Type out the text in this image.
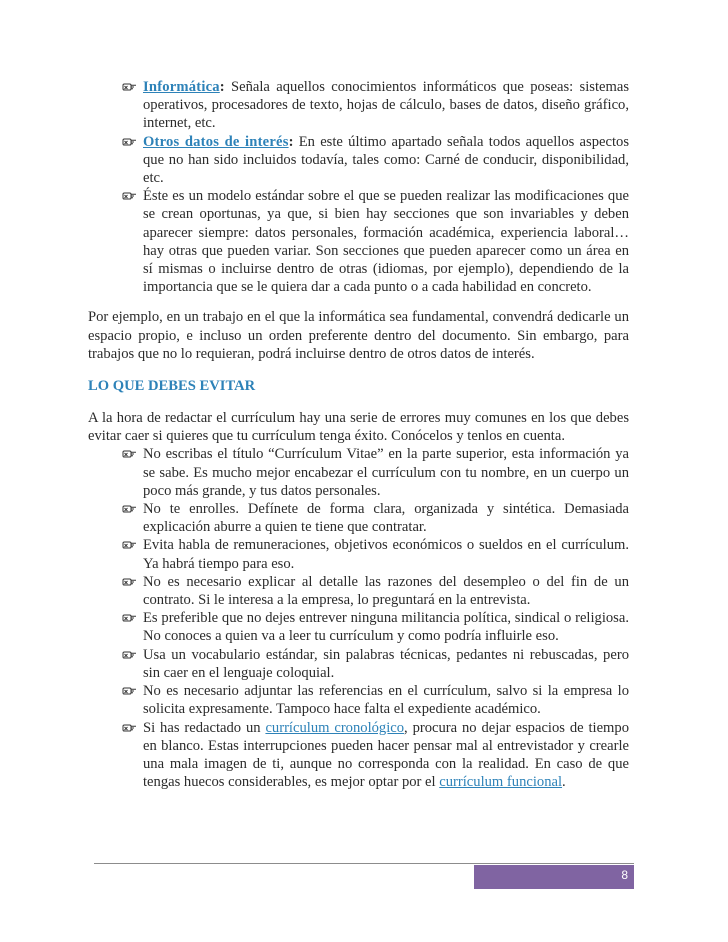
Informática: Señala aquellos conocimientos informáticos que poseas: sistemas operativos, procesadores de texto, hojas de cálculo, bases de datos, diseño gráfico, internet, etc.
Otros datos de interés: En este último apartado señala todos aquellos aspectos que no han sido incluidos todavía, tales como: Carné de conducir, disponibilidad, etc.
Éste es un modelo estándar sobre el que se pueden realizar las modificaciones que se crean oportunas, ya que, si bien hay secciones que son invariables y deben aparecer siempre: datos personales, formación académica, experiencia laboral… hay otras que pueden variar. Son secciones que pueden aparecer como un área en sí mismas o incluirse dentro de otras (idiomas, por ejemplo), dependiendo de la importancia que se le quiera dar a cada punto o a cada habilidad en concreto.

Por ejemplo, en un trabajo en el que la informática sea fundamental, convendrá dedicarle un espacio propio, e incluso un orden preferente dentro del documento. Sin embargo, para trabajos que no lo requieran, podrá incluirse dentro de otros datos de interés.

LO QUE DEBES EVITAR

A la hora de redactar el currículum hay una serie de errores muy comunes en los que debes evitar caer si quieres que tu currículum tenga éxito. Conócelos y tenlos en cuenta.

No escribas el título “Currículum Vitae” en la parte superior, esta información ya se sabe. Es mucho mejor encabezar el currículum con tu nombre, en un cuerpo un poco más grande, y tus datos personales.
No te enrolles. Defínete de forma clara, organizada y sintética. Demasiada explicación aburre a quien te tiene que contratar.
Evita habla de remuneraciones, objetivos económicos o sueldos en el currículum. Ya habrá tiempo para eso.
No es necesario explicar al detalle las razones del desempleo o del fin de un contrato. Si le interesa a la empresa, lo preguntará en la entrevista.
Es preferible que no dejes entrever ninguna militancia política, sindical o religiosa. No conoces a quien va a leer tu currículum y como podría influirle eso.
Usa un vocabulario estándar, sin palabras técnicas, pedantes ni rebuscadas, pero sin caer en el lenguaje coloquial.
No es necesario adjuntar las referencias en el currículum, salvo si la empresa lo solicita expresamente. Tampoco hace falta el expediente académico.
Si has redactado un currículum cronológico, procura no dejar espacios de tiempo en blanco. Estas interrupciones pueden hacer pensar mal al entrevistador y crearle una mala imagen de ti, aunque no corresponda con la realidad. En caso de que tengas huecos considerables, es mejor optar por el currículum funcional.
8
